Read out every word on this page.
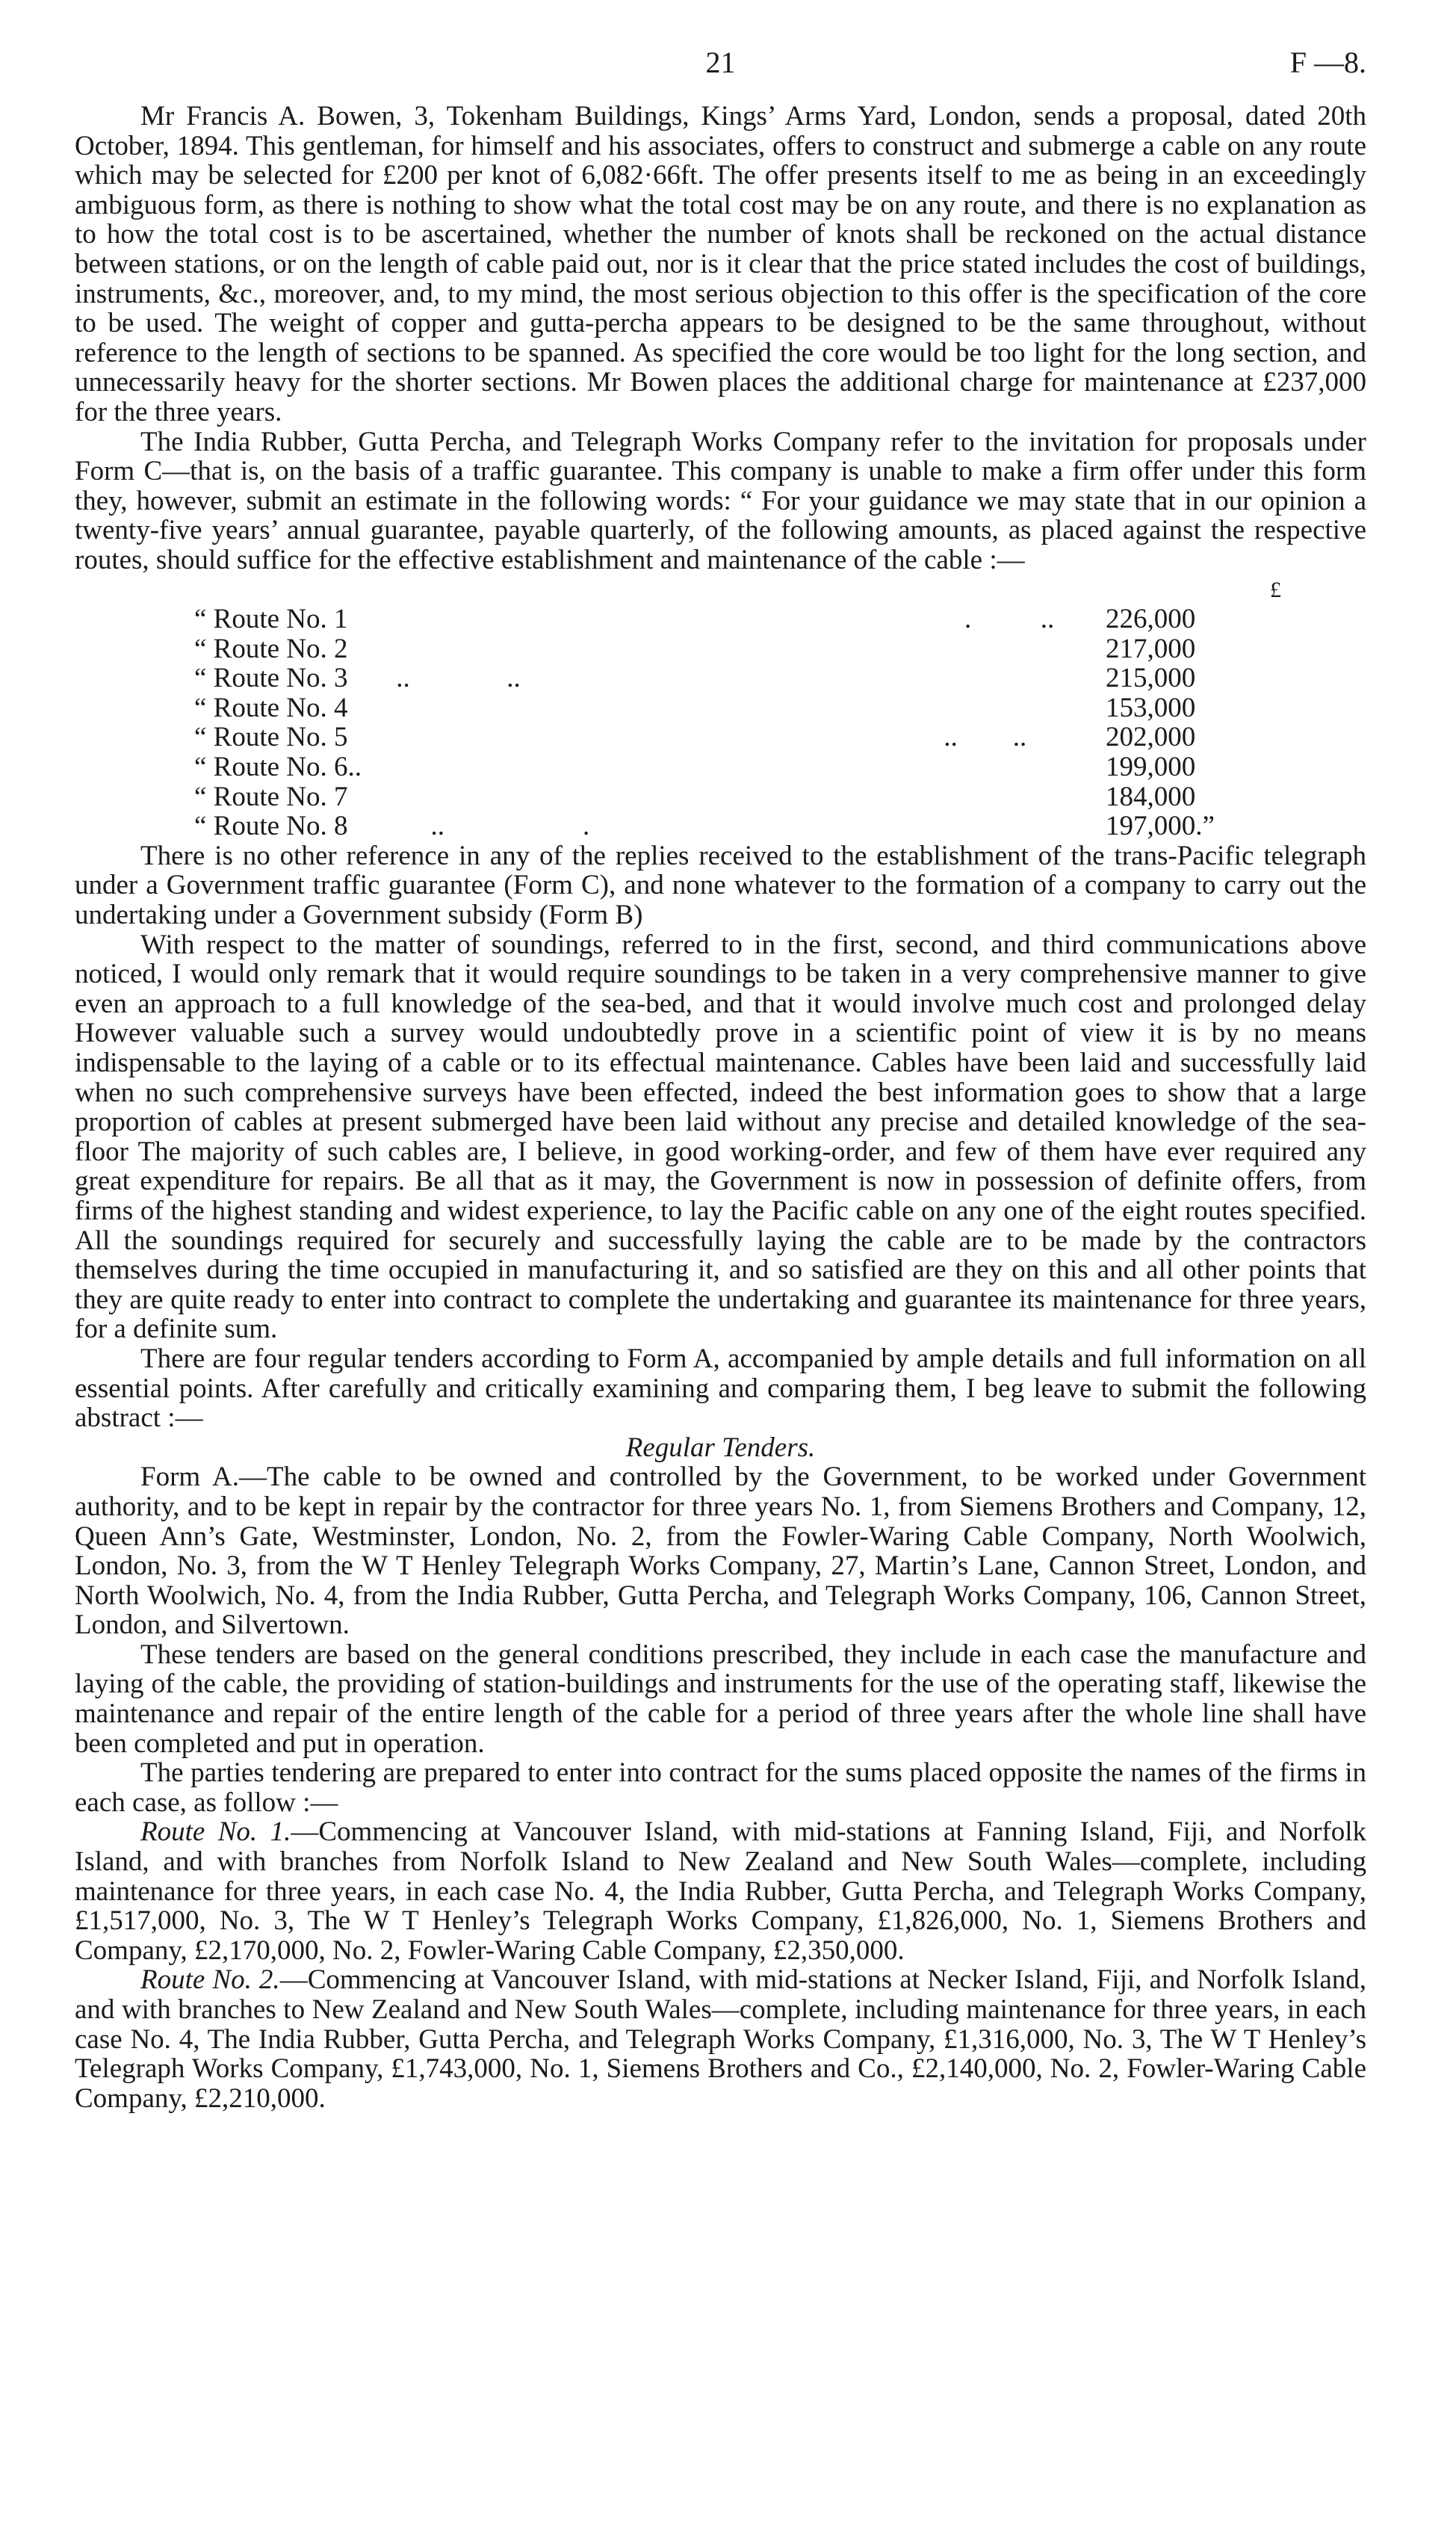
21	F —8.

Mr Francis A. Bowen, 3, Tokenham Buildings, Kings’ Arms Yard, London, sends a proposal, dated 20th October, 1894. This gentleman, for himself and his associates, offers to construct and submerge a cable on any route which may be selected for £200 per knot of 6,082·66ft. The offer presents itself to me as being in an exceedingly ambiguous form, as there is nothing to show what the total cost may be on any route, and there is no explanation as to how the total cost is to be ascertained, whether the number of knots shall be reckoned on the actual distance between stations, or on the length of cable paid out, nor is it clear that the price stated includes the cost of buildings, instruments, &c., moreover, and, to my mind, the most serious objection to this offer is the specification of the core to be used. The weight of copper and gutta-percha appears to be designed to be the same throughout, without reference to the length of sections to be spanned. As specified the core would be too light for the long section, and unnecessarily heavy for the shorter sections. Mr Bowen places the additional charge for maintenance at £237,000 for the three years.

The India Rubber, Gutta Percha, and Telegraph Works Company refer to the invitation for proposals under Form C—that is, on the basis of a traffic guarantee. This company is unable to make a firm offer under this form they, however, submit an estimate in the following words: “ For your guidance we may state that in our opinion a twenty-five years’ annual guarantee, payable quarterly, of the following amounts, as placed against the respective routes, should suffice for the effective establishment and maintenance of the cable :—

£
“ Route No. 1	.          ..	226,000
“ Route No. 2	217,000
“ Route No. 3       ..              ..	215,000
“ Route No. 4	153,000
“ Route No. 5	..        ..	202,000
“ Route No. 6..	199,000
“ Route No. 7	184,000
“ Route No. 8            ..                    .	197,000.”

There is no other reference in any of the replies received to the establishment of the trans-Pacific telegraph under a Government traffic guarantee (Form C), and none whatever to the formation of a company to carry out the undertaking under a Government subsidy (Form B)

With respect to the matter of soundings, referred to in the first, second, and third communications above noticed, I would only remark that it would require soundings to be taken in a very comprehensive manner to give even an approach to a full knowledge of the sea-bed, and that it would involve much cost and prolonged delay However valuable such a survey would undoubtedly prove in a scientific point of view it is by no means indispensable to the laying of a cable or to its effectual maintenance. Cables have been laid and successfully laid when no such comprehensive surveys have been effected, indeed the best information goes to show that a large proportion of cables at present submerged have been laid without any precise and detailed knowledge of the sea-floor The majority of such cables are, I believe, in good working-order, and few of them have ever required any great expenditure for repairs. Be all that as it may, the Government is now in possession of definite offers, from firms of the highest standing and widest experience, to lay the Pacific cable on any one of the eight routes specified. All the soundings required for securely and successfully laying the cable are to be made by the contractors themselves during the time occupied in manufacturing it, and so satisfied are they on this and all other points that they are quite ready to enter into contract to complete the undertaking and guarantee its maintenance for three years, for a definite sum.

There are four regular tenders according to Form A, accompanied by ample details and full information on all essential points. After carefully and critically examining and comparing them, I beg leave to submit the following abstract :—

Regular Tenders.

Form A.—The cable to be owned and controlled by the Government, to be worked under Government authority, and to be kept in repair by the contractor for three years No. 1, from Siemens Brothers and Company, 12, Queen Ann’s Gate, Westminster, London, No. 2, from the Fowler-Waring Cable Company, North Woolwich, London, No. 3, from the W T Henley Telegraph Works Company, 27, Martin’s Lane, Cannon Street, London, and North Woolwich, No. 4, from the India Rubber, Gutta Percha, and Telegraph Works Company, 106, Cannon Street, London, and Silvertown.

These tenders are based on the general conditions prescribed, they include in each case the manufacture and laying of the cable, the providing of station-buildings and instruments for the use of the operating staff, likewise the maintenance and repair of the entire length of the cable for a period of three years after the whole line shall have been completed and put in operation.

The parties tendering are prepared to enter into contract for the sums placed opposite the names of the firms in each case, as follow :—

Route No. 1.—Commencing at Vancouver Island, with mid-stations at Fanning Island, Fiji, and Norfolk Island, and with branches from Norfolk Island to New Zealand and New South Wales—complete, including maintenance for three years, in each case No. 4, the India Rubber, Gutta Percha, and Telegraph Works Company, £1,517,000, No. 3, The W T Henley’s Telegraph Works Company, £1,826,000, No. 1, Siemens Brothers and Company, £2,170,000, No. 2, Fowler-Waring Cable Company, £2,350,000.

Route No. 2.—Commencing at Vancouver Island, with mid-stations at Necker Island, Fiji, and Norfolk Island, and with branches to New Zealand and New South Wales—complete, including maintenance for three years, in each case No. 4, The India Rubber, Gutta Percha, and Telegraph Works Company, £1,316,000, No. 3, The W T Henley’s Telegraph Works Company, £1,743,000, No. 1, Siemens Brothers and Co., £2,140,000, No. 2, Fowler-Waring Cable Company, £2,210,000.
